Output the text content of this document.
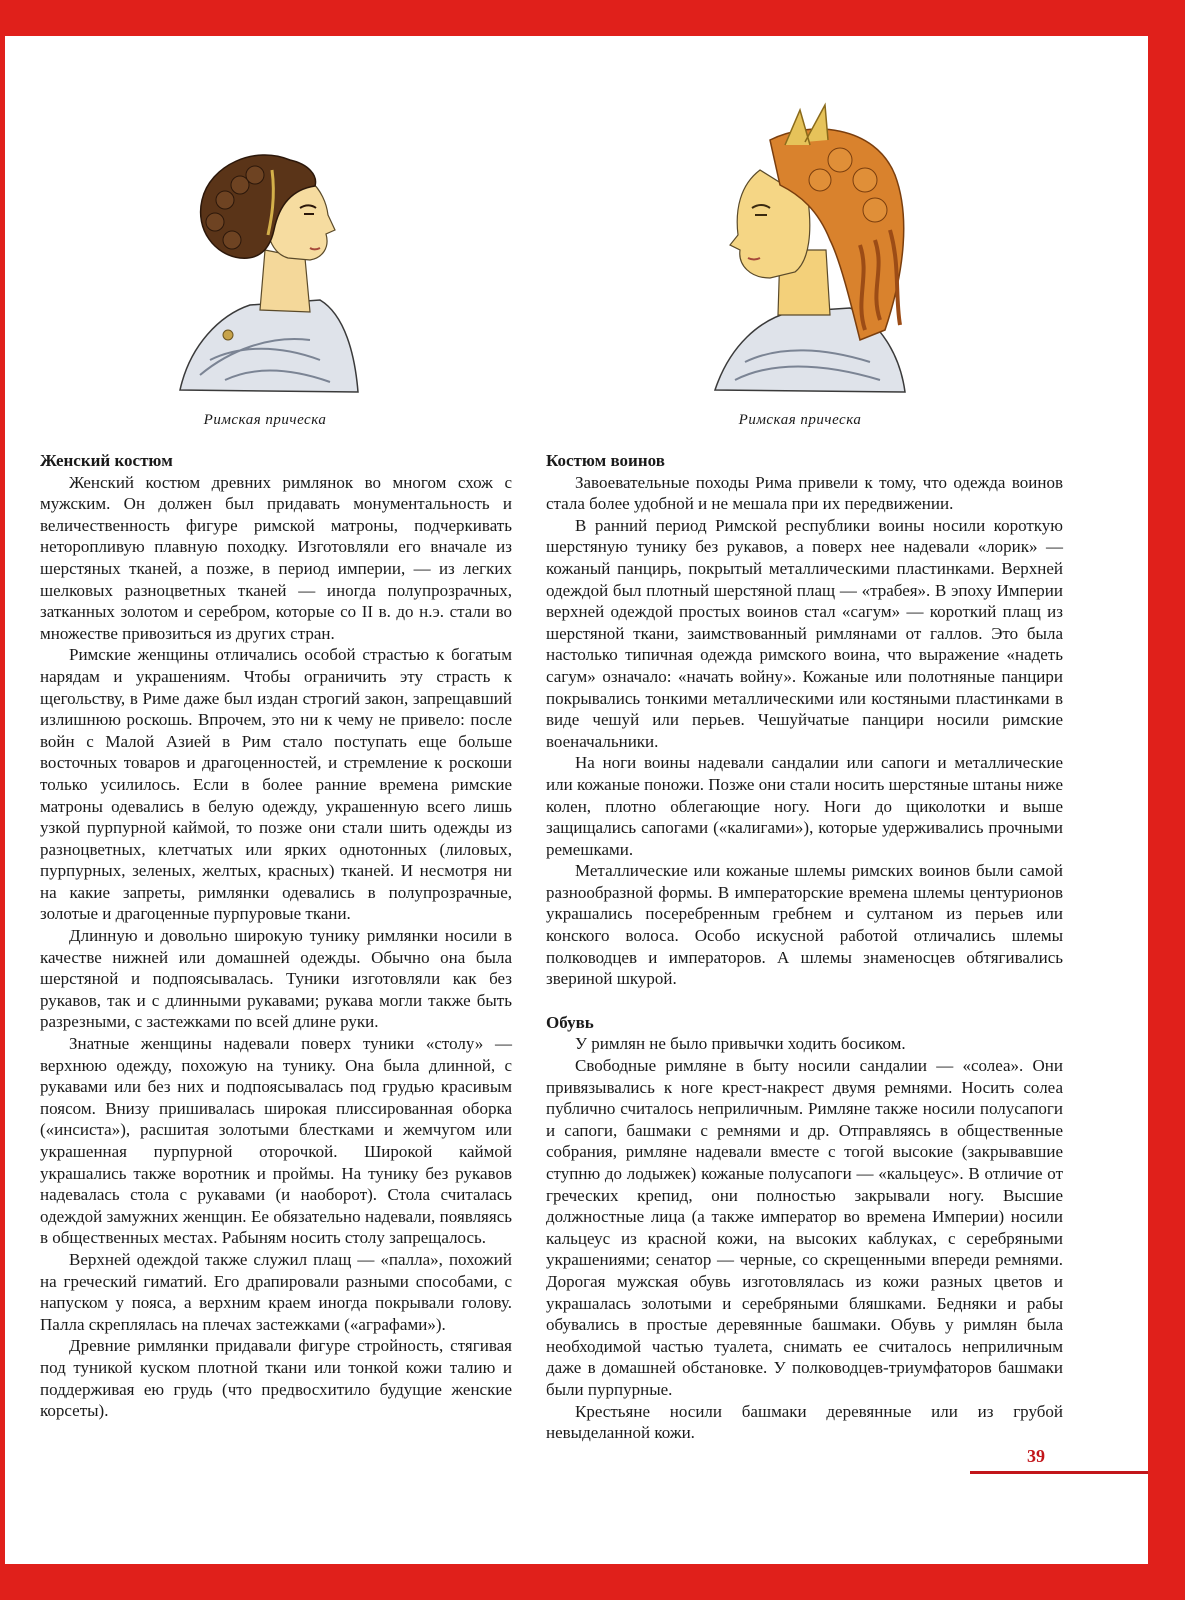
Римская прическа	Римская прическа
Женский костюм

Женский костюм древних римлянок во многом схож с мужским. Он должен был придавать монументальность и величественность фигуре римской матроны, подчеркивать неторопливую плавную походку. Изготовляли его вначале из шерстяных тканей, а позже, в период империи, — из легких шелковых разноцветных тканей — иногда полупрозрачных, затканных золотом и серебром, которые со II в. до н.э. стали во множестве привозиться из других стран.

Римские женщины отличались особой страстью к богатым нарядам и украшениям. Чтобы ограничить эту страсть к щегольству, в Риме даже был издан строгий закон, запрещавший излишнюю роскошь. Впрочем, это ни к чему не привело: после войн с Малой Азией в Рим стало поступать еще больше восточных товаров и драгоценностей, и стремление к роскоши только усилилось. Если в более ранние времена римские матроны одевались в белую одежду, украшенную всего лишь узкой пурпурной каймой, то позже они стали шить одежды из разноцветных, клетчатых или ярких однотонных (лиловых, пурпурных, зеленых, желтых, красных) тканей. И несмотря ни на какие запреты, римлянки одевались в полупрозрачные, золотые и драгоценные пурпуровые ткани.

Длинную и довольно широкую тунику римлянки носили в качестве нижней или домашней одежды. Обычно она была шерстяной и подпоясывалась. Туники изготовляли как без рукавов, так и с длинными рукавами; рукава могли также быть разрезными, с застежками по всей длине руки.

Знатные женщины надевали поверх туники «столу» — верхнюю одежду, похожую на тунику. Она была длинной, с рукавами или без них и подпоясывалась под грудью красивым поясом. Внизу пришивалась широкая плиссированная оборка («инсиста»), расшитая золотыми блестками и жемчугом или украшенная пурпурной оторочкой. Широкой каймой украшались также воротник и проймы. На тунику без рукавов надевалась стола с рукавами (и наоборот). Стола считалась одеждой замужних женщин. Ее обязательно надевали, появляясь в общественных местах. Рабыням носить столу запрещалось.

Верхней одеждой также служил плащ — «палла», похожий на греческий гиматий. Его драпировали разными способами, с напуском у пояса, а верхним краем иногда покрывали голову. Палла скреплялась на плечах застежками («аграфами»).

Древние римлянки придавали фигуре стройность, стягивая под туникой куском плотной ткани или тонкой кожи талию и поддерживая ею грудь (что предвосхитило будущие женские корсеты).

Костюм воинов

Завоевательные походы Рима привели к тому, что одежда воинов стала более удобной и не мешала при их передвижении.

В ранний период Римской республики воины носили короткую шерстяную тунику без рукавов, а поверх нее надевали «лорик» — кожаный панцирь, покрытый металлическими пластинками. Верхней одеждой был плотный шерстяной плащ — «трабея». В эпоху Империи верхней одеждой простых воинов стал «сагум» — короткий плащ из шерстяной ткани, заимствованный римлянами от галлов. Это была настолько типичная одежда римского воина, что выражение «надеть сагум» означало: «начать войну». Кожаные или полотняные панцири покрывались тонкими металлическими или костяными пластинками в виде чешуй или перьев. Чешуйчатые панцири носили римские военачальники.

На ноги воины надевали сандалии или сапоги и металлические или кожаные поножи. Позже они стали носить шерстяные штаны ниже колен, плотно облегающие ногу. Ноги до щиколотки и выше защищались сапогами («калигами»), которые удерживались прочными ремешками.

Металлические или кожаные шлемы римских воинов были самой разнообразной формы. В императорские времена шлемы центурионов украшались посеребренным гребнем и султаном из перьев или конского волоса. Особо искусной работой отличались шлемы полководцев и императоров. А шлемы знаменосцев обтягивались звериной шкурой.

Обувь

У римлян не было привычки ходить босиком.

Свободные римляне в быту носили сандалии — «солеа». Они привязывались к ноге крест-накрест двумя ремнями. Носить солеа публично считалось неприличным. Римляне также носили полусапоги и сапоги, башмаки с ремнями и др. Отправляясь в общественные собрания, римляне надевали вместе с тогой высокие (закрывавшие ступню до лодыжек) кожаные полусапоги — «кальцеус». В отличие от греческих крепид, они полностью закрывали ногу. Высшие должностные лица (а также император во времена Империи) носили кальцеус из красной кожи, на высоких каблуках, с серебряными украшениями; сенатор — черные, со скрещенными впереди ремнями. Дорогая мужская обувь изготовлялась из кожи разных цветов и украшалась золотыми и серебряными бляшками. Бедняки и рабы обувались в простые деревянные башмаки. Обувь у римлян была необходимой частью туалета, снимать ее считалось неприличным даже в домашней обстановке. У полководцев-триумфаторов башмаки были пурпурные.

Крестьяне носили башмаки деревянные или из грубой невыделанной кожи.

39
